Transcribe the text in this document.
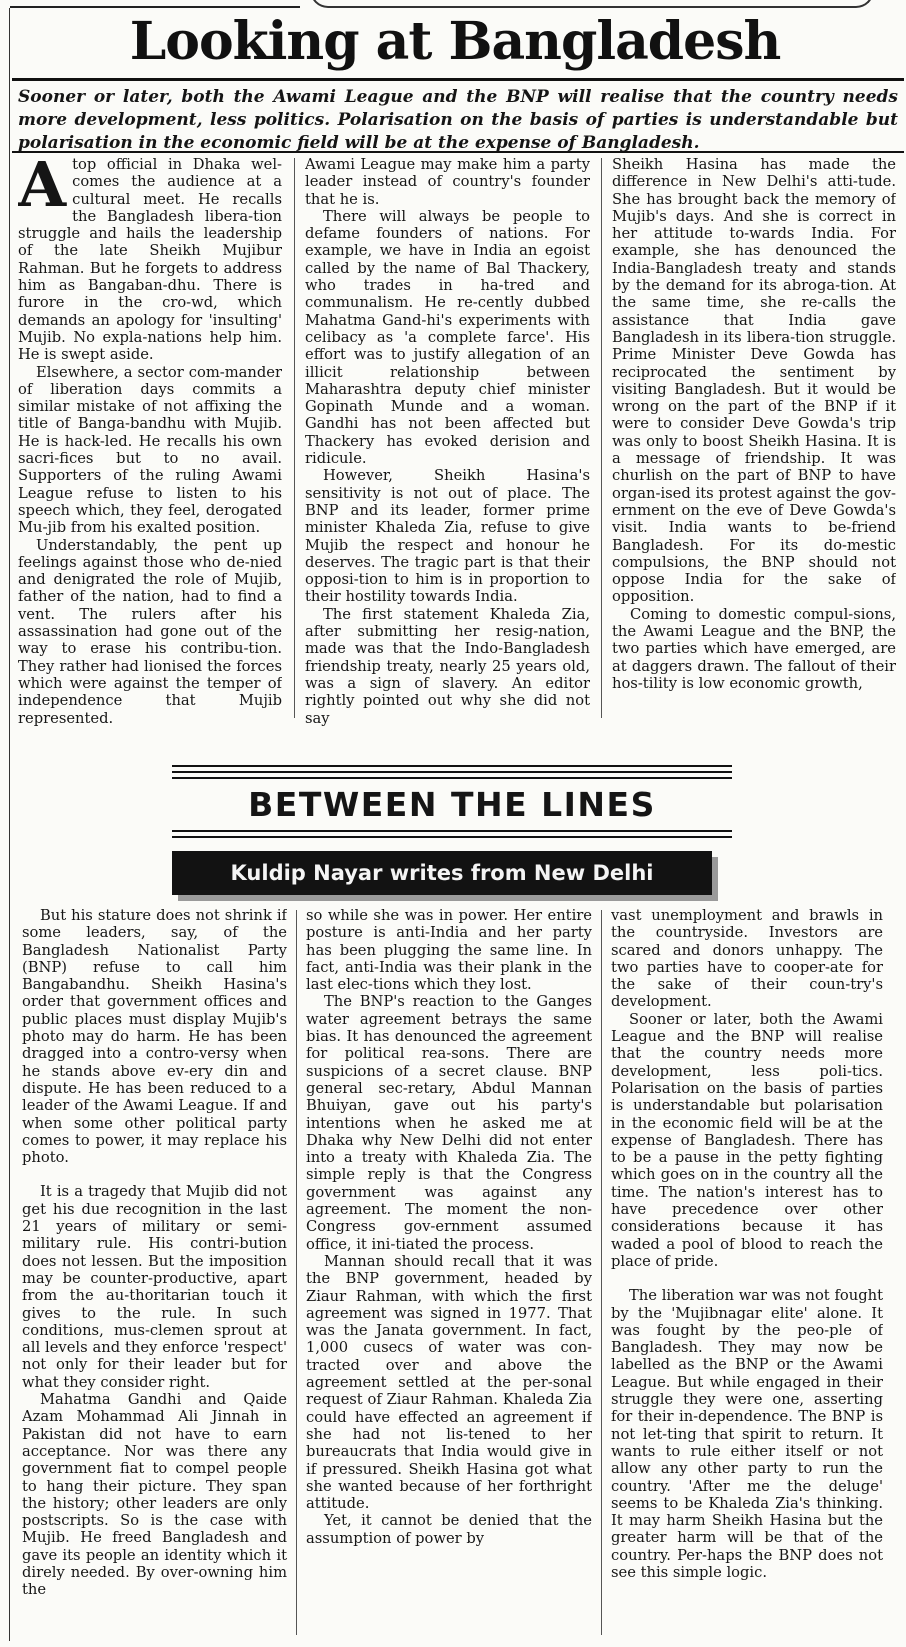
Looking at Bangladesh

Sooner or later, both the Awami League and the BNP will realise that the country needs more development, less politics. Polarisation on the basis of parties is understandable but polarisation in the economic field will be at the expense of Bangladesh.

Atop official in Dhaka wel-comes the audience at a cultural meet. He recalls the Bangladesh libera-tion struggle and hails the leadership of the late Sheikh Mujibur Rahman. But he forgets to address him as Bangaban-dhu. There is furore in the cro-wd, which demands an apology for 'insulting' Mujib. No expla-nations help him. He is swept aside.

Elsewhere, a sector com-mander of liberation days commits a similar mistake of not affixing the title of Banga-bandhu with Mujib. He is hack-led. He recalls his own sacri-fices but to no avail. Supporters of the ruling Awami League refuse to listen to his speech which, they feel, derogated Mu-jib from his exalted position.

Understandably, the pent up feelings against those who de-nied and denigrated the role of Mujib, father of the nation, had to find a vent. The rulers after his assassination had gone out of the way to erase his contribu-tion. They rather had lionised the forces which were against the temper of independence that Mujib represented.

Awami League may make him a party leader instead of country's founder that he is.

There will always be people to defame founders of nations. For example, we have in India an egoist called by the name of Bal Thackery, who trades in ha-tred and communalism. He re-cently dubbed Mahatma Gand-hi's experiments with celibacy as 'a complete farce'. His effort was to justify allegation of an illicit relationship between Maharashtra deputy chief minister Gopinath Munde and a woman. Gandhi has not been affected but Thackery has evoked derision and ridicule.

However, Sheikh Hasina's sensitivity is not out of place. The BNP and its leader, former prime minister Khaleda Zia, refuse to give Mujib the respect and honour he deserves. The tragic part is that their opposi-tion to him is in proportion to their hostility towards India.

The first statement Khaleda Zia, after submitting her resig-nation, made was that the Indo-Bangladesh friendship treaty, nearly 25 years old, was a sign of slavery. An editor rightly pointed out why she did not say

Sheikh Hasina has made the difference in New Delhi's atti-tude. She has brought back the memory of Mujib's days. And she is correct in her attitude to-wards India. For example, she has denounced the India-Bangladesh treaty and stands by the demand for its abroga-tion. At the same time, she re-calls the assistance that India gave Bangladesh in its libera-tion struggle. Prime Minister Deve Gowda has reciprocated the sentiment by visiting Bangladesh. But it would be wrong on the part of the BNP if it were to consider Deve Gowda's trip was only to boost Sheikh Hasina. It is a message of friendship. It was churlish on the part of BNP to have organ-ised its protest against the gov-ernment on the eve of Deve Gowda's visit. India wants to be-friend Bangladesh. For its do-mestic compulsions, the BNP should not oppose India for the sake of opposition.

Coming to domestic compul-sions, the Awami League and the BNP, the two parties which have emerged, are at daggers drawn. The fallout of their hos-tility is low economic growth,

BETWEEN THE LINES
Kuldip Nayar writes from New Delhi

But his stature does not shrink if some leaders, say, of the Bangladesh Nationalist Party (BNP) refuse to call him Bangabandhu. Sheikh Hasina's order that government offices and public places must display Mujib's photo may do harm. He has been dragged into a contro-versy when he stands above ev-ery din and dispute. He has been reduced to a leader of the Awami League. If and when some other political party comes to power, it may replace his photo.

It is a tragedy that Mujib did not get his due recognition in the last 21 years of military or semi-military rule. His contri-bution does not lessen. But the imposition may be counter-productive, apart from the au-thoritarian touch it gives to the rule. In such conditions, mus-clemen sprout at all levels and they enforce 'respect' not only for their leader but for what they consider right.

Mahatma Gandhi and Qaide Azam Mohammad Ali Jinnah in Pakistan did not have to earn acceptance. Nor was there any government fiat to compel people to hang their picture. They span the history; other leaders are only postscripts. So is the case with Mujib. He freed Bangladesh and gave its people an identity which it direly needed. By over-owning him the

so while she was in power. Her entire posture is anti-India and her party has been plugging the same line. In fact, anti-India was their plank in the last elec-tions which they lost.

The BNP's reaction to the Ganges water agreement betrays the same bias. It has denounced the agreement for political rea-sons. There are suspicions of a secret clause. BNP general sec-retary, Abdul Mannan Bhuiyan, gave out his party's intentions when he asked me at Dhaka why New Delhi did not enter into a treaty with Khaleda Zia. The simple reply is that the Congress government was against any agreement. The moment the non-Congress gov-ernment assumed office, it ini-tiated the process.

Mannan should recall that it was the BNP government, headed by Ziaur Rahman, with which the first agreement was signed in 1977. That was the Janata government. In fact, 1,000 cusecs of water was con-tracted over and above the agreement settled at the per-sonal request of Ziaur Rahman. Khaleda Zia could have effected an agreement if she had not lis-tened to her bureaucrats that India would give in if pressured. Sheikh Hasina got what she wanted because of her forthright attitude.

Yet, it cannot be denied that the assumption of power by

vast unemployment and brawls in the countryside. Investors are scared and donors unhappy. The two parties have to cooper-ate for the sake of their coun-try's development.

Sooner or later, both the Awami League and the BNP will realise that the country needs more development, less poli-tics. Polarisation on the basis of parties is understandable but polarisation in the economic field will be at the expense of Bangladesh. There has to be a pause in the petty fighting which goes on in the country all the time. The nation's interest has to have precedence over other considerations because it has waded a pool of blood to reach the place of pride.

The liberation war was not fought by the 'Mujibnagar elite' alone. It was fought by the peo-ple of Bangladesh. They may now be labelled as the BNP or the Awami League. But while engaged in their struggle they were one, asserting for their in-dependence. The BNP is not let-ting that spirit to return. It wants to rule either itself or not allow any other party to run the country. 'After me the deluge' seems to be Khaleda Zia's thinking. It may harm Sheikh Hasina but the greater harm will be that of the country. Per-haps the BNP does not see this simple logic.
